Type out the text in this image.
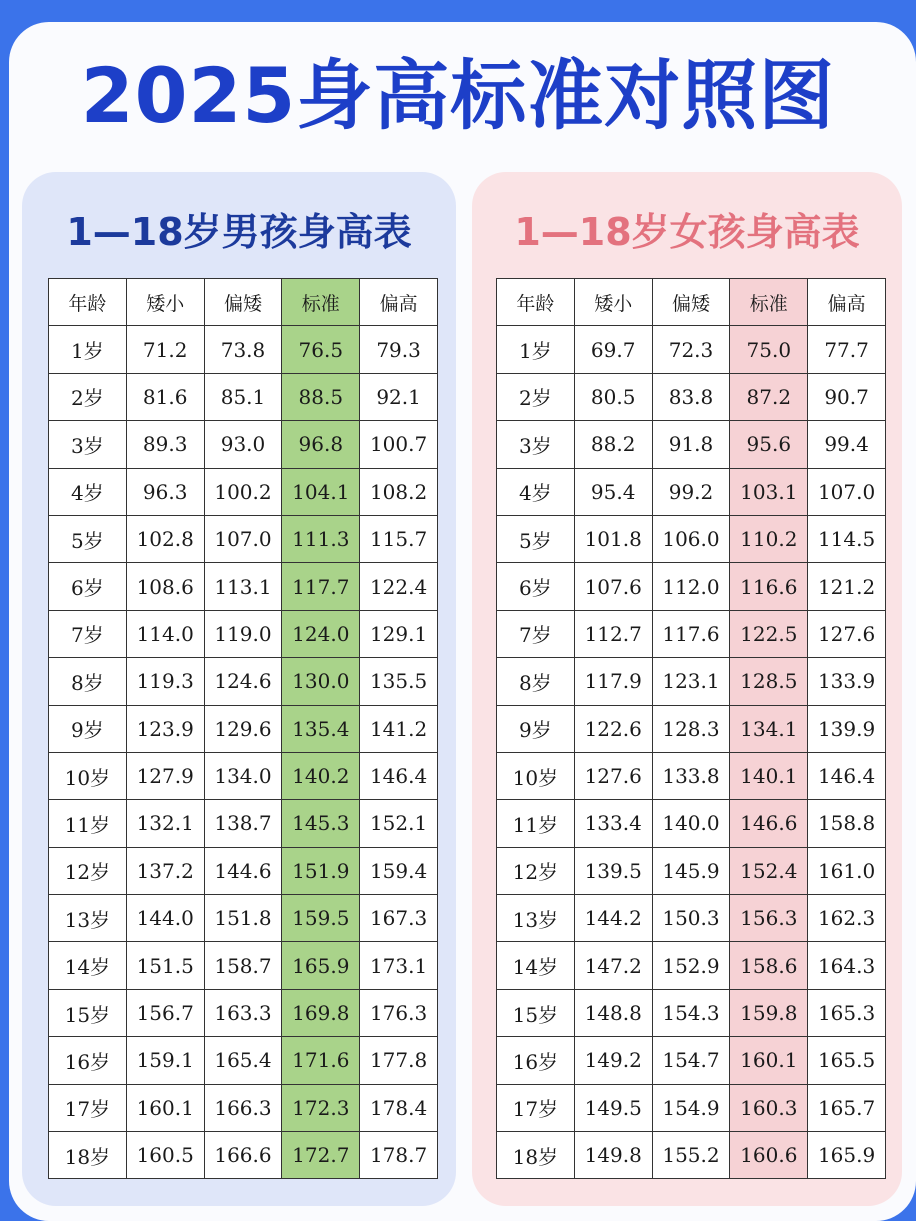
2025身高标准对照图
1—18岁男孩身高表
年龄	矮小	偏矮	标准	偏高
1岁	71.2	73.8	76.5	79.3
2岁	81.6	85.1	88.5	92.1
3岁	89.3	93.0	96.8	100.7
4岁	96.3	100.2	104.1	108.2
5岁	102.8	107.0	111.3	115.7
6岁	108.6	113.1	117.7	122.4
7岁	114.0	119.0	124.0	129.1
8岁	119.3	124.6	130.0	135.5
9岁	123.9	129.6	135.4	141.2
10岁	127.9	134.0	140.2	146.4
11岁	132.1	138.7	145.3	152.1
12岁	137.2	144.6	151.9	159.4
13岁	144.0	151.8	159.5	167.3
14岁	151.5	158.7	165.9	173.1
15岁	156.7	163.3	169.8	176.3
16岁	159.1	165.4	171.6	177.8
17岁	160.1	166.3	172.3	178.4
18岁	160.5	166.6	172.7	178.7
1—18岁女孩身高表
年龄	矮小	偏矮	标准	偏高
1岁	69.7	72.3	75.0	77.7
2岁	80.5	83.8	87.2	90.7
3岁	88.2	91.8	95.6	99.4
4岁	95.4	99.2	103.1	107.0
5岁	101.8	106.0	110.2	114.5
6岁	107.6	112.0	116.6	121.2
7岁	112.7	117.6	122.5	127.6
8岁	117.9	123.1	128.5	133.9
9岁	122.6	128.3	134.1	139.9
10岁	127.6	133.8	140.1	146.4
11岁	133.4	140.0	146.6	158.8
12岁	139.5	145.9	152.4	161.0
13岁	144.2	150.3	156.3	162.3
14岁	147.2	152.9	158.6	164.3
15岁	148.8	154.3	159.8	165.3
16岁	149.2	154.7	160.1	165.5
17岁	149.5	154.9	160.3	165.7
18岁	149.8	155.2	160.6	165.9
